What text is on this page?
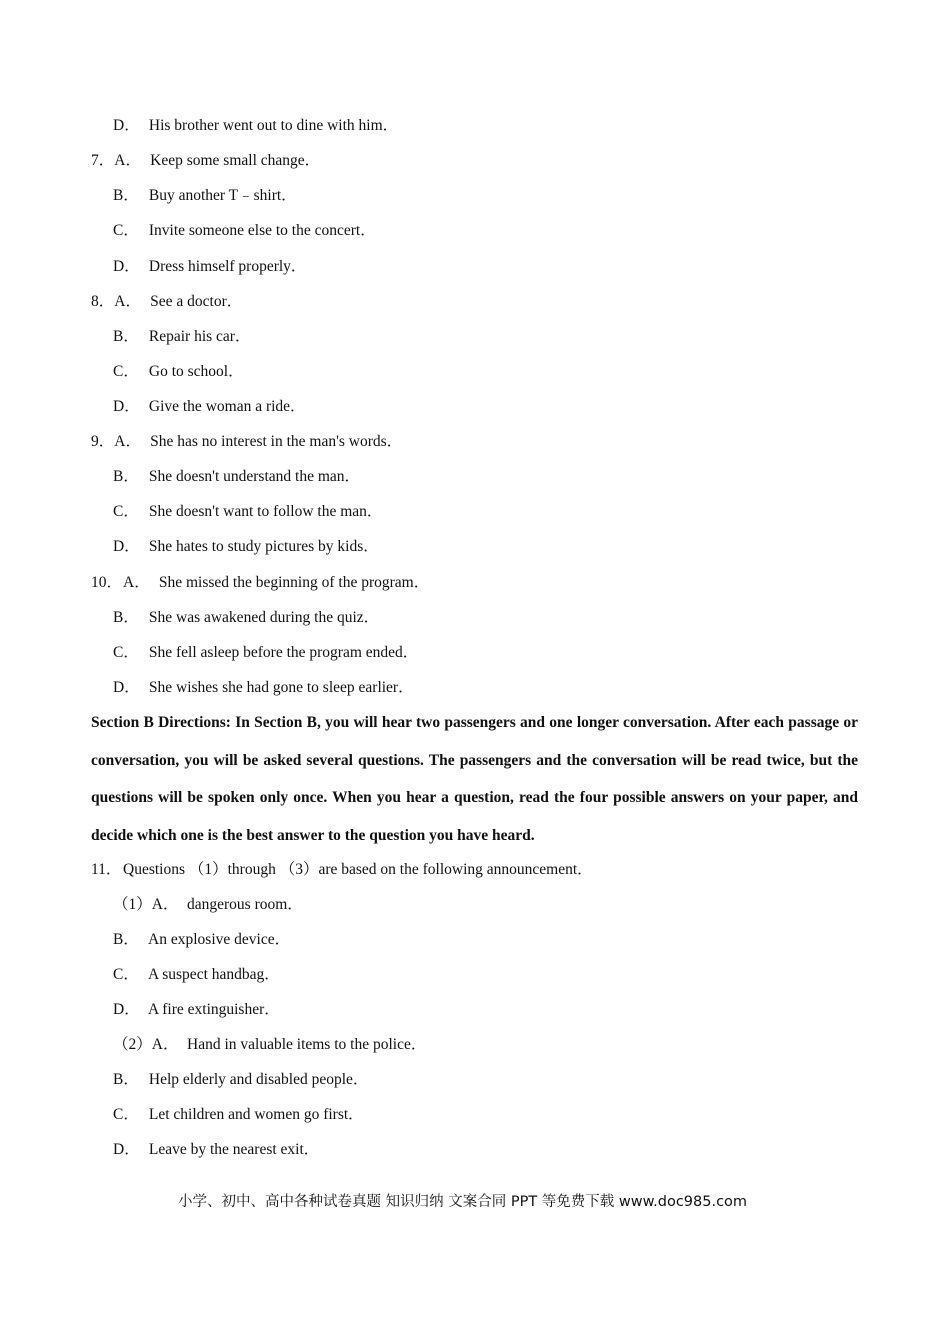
D． His brother went out to dine with him．
7．A． Keep some small change．
B． Buy another T﹣shirt．
C． Invite someone else to the concert．
D． Dress himself properly．
8．A． See a doctor．
B． Repair his car．
C． Go to school．
D． Give the woman a ride．
9．A． She has no interest in the man's words．
B． She doesn't understand the man．
C． She doesn't want to follow the man．
D． She hates to study pictures by kids．
10．A． She missed the beginning of the program．
B． She was awakened during the quiz．
C． She fell asleep before the program ended．
D． She wishes she had gone to sleep earlier．
Section B Directions: In Section B, you will hear two passengers and one longer conversation. After each passage or conversation, you will be asked several questions. The passengers and the conversation will be read twice, but the questions will be spoken only once. When you hear a question, read the four possible answers on your paper, and decide which one is the best answer to the question you have heard.
11． Questions （1）through （3）are based on the following announcement．
（1）A． dangerous room．
B． An explosive device．
C． A suspect handbag．
D． A fire extinguisher．
（2）A． Hand in valuable items to the police．
B． Help elderly and disabled people．
C． Let children and women go first．
D． Leave by the nearest exit．
小学、初中、高中各种试卷真题 知识归纳 文案合同 PPT 等免费下载 www.doc985.com
